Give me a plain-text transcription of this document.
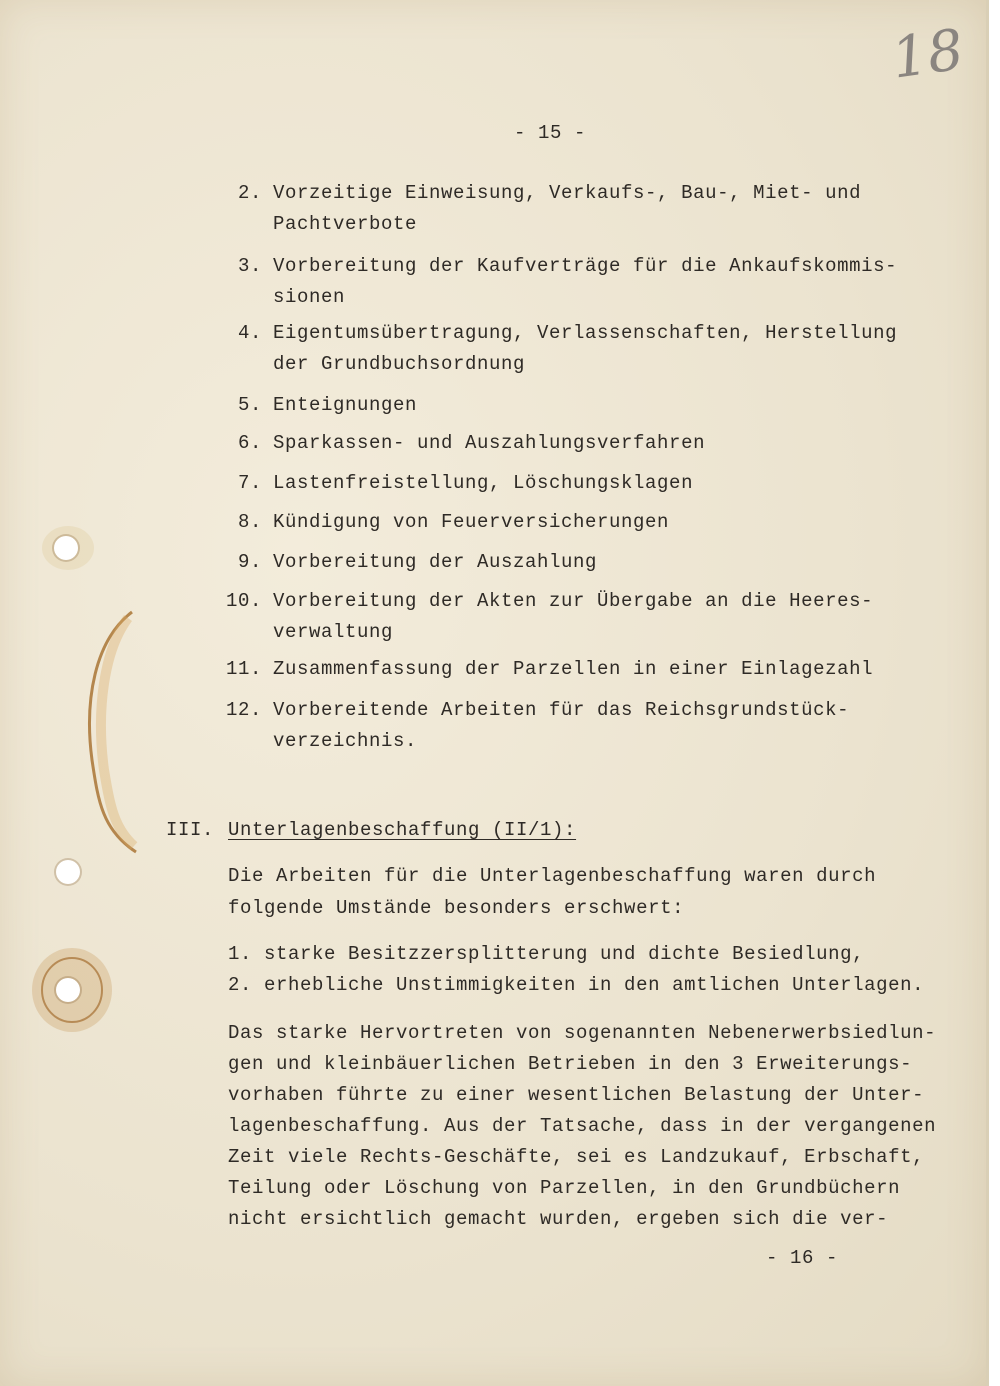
18
- 15 -
2. Vorzeitige Einweisung, Verkaufs-, Bau-, Miet- und
Pachtverbote
3. Vorbereitung der Kaufverträge für die Ankaufskommis-
sionen
4. Eigentumsübertragung, Verlassenschaften, Herstellung
der Grundbuchsordnung
5. Enteignungen
6. Sparkassen- und Auszahlungsverfahren
7. Lastenfreistellung, Löschungsklagen
8. Kündigung von Feuerversicherungen
9. Vorbereitung der Auszahlung
10. Vorbereitung der Akten zur Übergabe an die Heeres-
verwaltung
11. Zusammenfassung der Parzellen in einer Einlagezahl
12. Vorbereitende Arbeiten für das Reichsgrundstück-
verzeichnis.
III. Unterlagenbeschaffung (II/1):
Die Arbeiten für die Unterlagenbeschaffung waren durch
folgende Umstände besonders erschwert:
1. starke Besitzzersplitterung und dichte Besiedlung,
2. erhebliche Unstimmigkeiten in den amtlichen Unterlagen.
Das starke Hervortreten von sogenannten Nebenerwerbsiedlun-
gen und kleinbäuerlichen Betrieben in den 3 Erweiterungs-
vorhaben führte zu einer wesentlichen Belastung der Unter-
lagenbeschaffung. Aus der Tatsache, dass in der vergangenen
Zeit viele Rechts-Geschäfte, sei es Landzukauf, Erbschaft,
Teilung oder Löschung von Parzellen, in den Grundbüchern
nicht ersichtlich gemacht wurden, ergeben sich die ver-
- 16 -
